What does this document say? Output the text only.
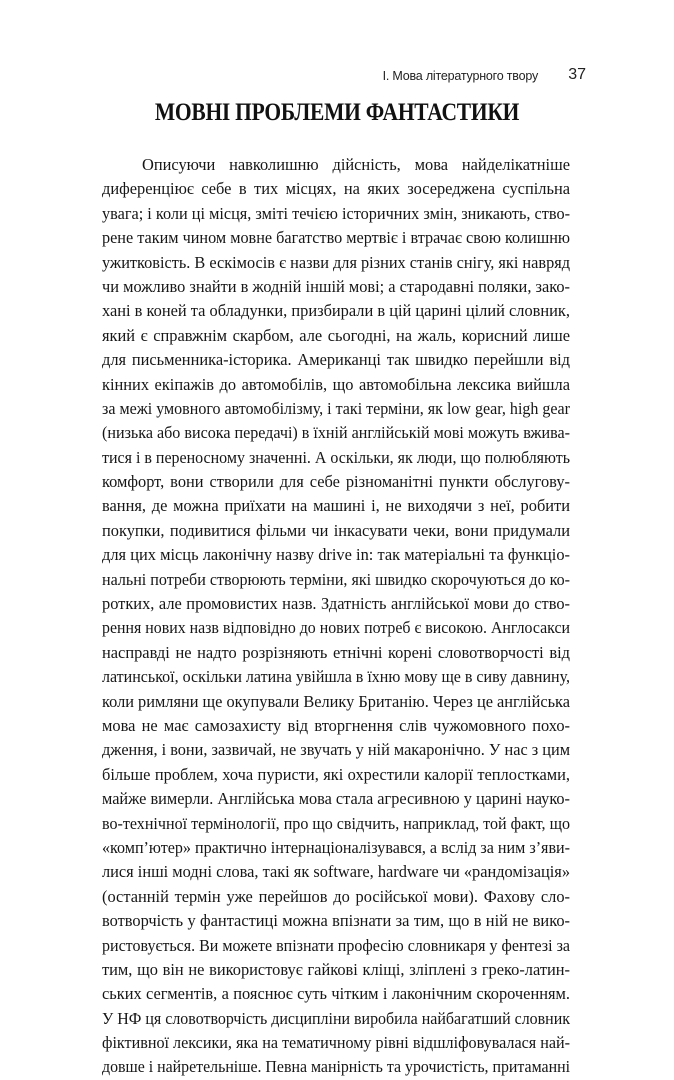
I. Мова літературного твору 37
МОВНІ ПРОБЛЕМИ ФАНТАСТИКИ
Описуючи навколишню дійсність, мова найделікатніше
диференціює себе в тих місцях, на яких зосереджена суспільна
увага; і коли ці місця, зміті течією історичних змін, зникають, ство-
рене таким чином мовне багатство мертвіє і втрачає свою колишню
ужитковість. В ескімосів є назви для різних станів снігу, які навряд
чи можливо знайти в жодній іншій мові; а стародавні поляки, зако-
хані в коней та обладунки, призбирали в цій царині цілий словник,
який є справжнім скарбом, але сьогодні, на жаль, корисний лише
для письменника-історика. Американці так швидко перейшли від
кінних екіпажів до автомобілів, що автомобільна лексика вийшла
за межі умовного автомобілізму, і такі терміни, як low gear, high gear
(низька або висока передачі) в їхній англійській мові можуть вжива-
тися і в переносному значенні. А оскільки, як люди, що полюбляють
комфорт, вони створили для себе різноманітні пункти обслугову-
вання, де можна приїхати на машині і, не виходячи з неї, робити
покупки, подивитися фільми чи інкасувати чеки, вони придумали
для цих місць лаконічну назву drive in: так матеріальні та функціо-
нальні потреби створюють терміни, які швидко скорочуються до ко-
ротких, але промовистих назв. Здатність англійської мови до ство-
рення нових назв відповідно до нових потреб є високою. Англосакси
насправді не надто розрізняють етнічні корені словотворчості від
латинської, оскільки латина увійшла в їхню мову ще в сиву давнину,
коли римляни ще окупували Велику Британію. Через це англійська
мова не має самозахисту від вторгнення слів чужомовного похо-
дження, і вони, зазвичай, не звучать у ній макаронічно. У нас з цим
більше проблем, хоча пуристи, які охрестили калорії теплостками,
майже вимерли. Англійська мова стала агресивною у царині науко-
во-технічної термінології, про що свідчить, наприклад, той факт, що
«комп’ютер» практично інтернаціоналізувався, а вслід за ним з’яви-
лися інші модні слова, такі як software, hardware чи «рандомізація»
(останній термін уже перейшов до російської мови). Фахову сло-
вотворчість у фантастиці можна впізнати за тим, що в ній не вико-
ристовується. Ви можете впізнати професію словникаря у фентезі за
тим, що він не використовує гайкові кліщі, зліплені з греко-латин-
ських сегментів, а пояснює суть чітким і лаконічним скороченням.
У НФ ця словотворчість дисципліни виробила найбагатший словник
фіктивної лексики, яка на тематичному рівні відшліфовувалася най-
довше і найретельніше. Певна манірність та урочистість, притаманні
